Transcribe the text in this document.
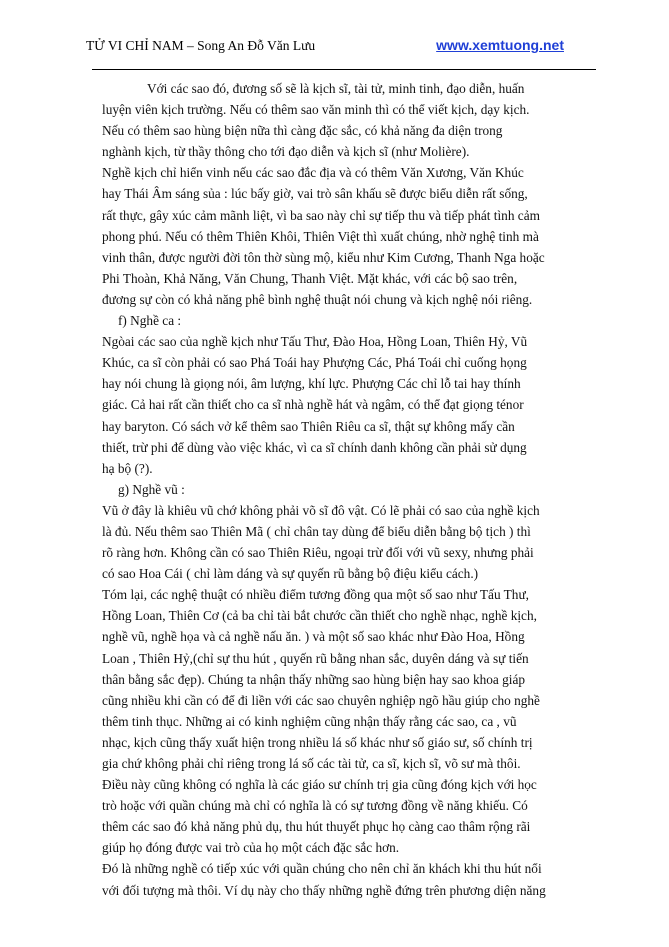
TỬ VI CHỈ NAM – Song An Đỗ Văn Lưu	www.xemtuong.net
Với các sao đó, đương số sẽ là kịch sĩ, tài tử, minh tinh, đạo diễn, huấn
luyện viên kịch trường. Nếu có thêm sao văn minh thì có thể viết kịch, dạy kịch.
Nếu có thêm sao hùng biện nữa thì càng đặc sắc, có khả năng đa diện trong
nghành kịch, từ thầy thông cho tới đạo diễn và kịch sĩ (như Molière).
Nghề kịch chỉ hiển vinh nếu các sao đắc địa và có thêm Văn Xương, Văn Khúc
hay Thái Âm sáng sủa : lúc bấy giờ, vai trò sân khấu sẽ được biểu diễn rất sống,
rất thực, gây xúc cảm mãnh liệt, vì ba sao này chỉ sự tiếp thu và tiếp phát tình cảm
phong phú. Nếu có thêm Thiên Khôi, Thiên Việt thì xuất chúng, nhờ nghệ tinh mà
vinh thân, được người đời tôn thờ sùng mộ, kiểu như Kim Cương, Thanh Nga hoặc
Phi Thoàn, Khả Năng, Văn Chung, Thanh Việt. Mặt khác, với các bộ sao trên,
đương sự còn có khả năng phê bình nghệ thuật nói chung và kịch nghệ nói riêng.
f) Nghề ca :
Ngòai các sao của nghề kịch như Tấu Thư, Đào Hoa, Hồng Loan, Thiên Hỷ, Vũ
Khúc, ca sĩ còn phải có sao Phá Toái hay Phượng Các, Phá Toái chỉ cuống họng
hay nói chung là giọng nói, âm lượng, khí lực. Phượng Các chỉ lỗ tai hay thính
giác. Cả hai rất cần thiết cho ca sĩ nhà nghề hát và ngâm, có thể đạt giọng ténor
hay baryton. Có sách vở kể thêm sao Thiên Riêu ca sĩ, thật sự không mấy cần
thiết, trừ phi để dùng vào việc khác, vì ca sĩ chính danh không cần phải sử dụng
hạ bộ (?).
g) Nghề vũ :
Vũ ở đây là khiêu vũ chớ không phải võ sĩ đô vật. Có lẽ phải có sao của nghề kịch
là đủ. Nếu thêm sao Thiên Mã ( chỉ chân tay dùng để biểu diễn bằng bộ tịch ) thì
rõ ràng hơn. Không cần có sao Thiên Riêu, ngoại trừ đối với vũ sexy, nhưng phải
có sao Hoa Cái ( chỉ làm dáng và sự quyến rũ bằng bộ điệu kiểu cách.)
Tóm lại, các nghệ thuật có nhiều điểm tương đồng qua một số sao như Tấu Thư,
Hồng Loan, Thiên Cơ (cả ba chỉ tài bắt chước cần thiết cho nghề nhạc, nghề kịch,
nghề vũ, nghề họa và cả nghề nấu ăn. ) và một số sao khác như Đào Hoa, Hồng
Loan , Thiên Hỷ,(chỉ sự thu hút , quyến rũ bằng nhan sắc, duyên dáng và sự tiến
thân bằng sắc đẹp). Chúng ta nhận thấy những sao hùng biện hay sao khoa giáp
cũng nhiều khi cần có để đi liền với các sao chuyên nghiệp ngõ hầu giúp cho nghề
thêm tinh thục. Những ai có kinh nghiệm cũng nhận thấy rằng các sao, ca , vũ
nhạc, kịch cũng thấy xuất hiện trong nhiều lá số khác như số giáo sư, số chính trị
gia chứ không phải chỉ riêng trong lá số các tài tử, ca sĩ, kịch sĩ, võ sư mà thôi.
Điều này cũng không có nghĩa là các giáo sư chính trị gia cũng đóng kịch với học
trò hoặc với quần chúng mà chỉ có nghĩa là có sự tương đồng về năng khiếu. Có
thêm các sao đó khả năng phủ dụ, thu hút thuyết phục họ càng cao thâm rộng rãi
giúp họ đóng được vai trò của họ một cách đặc sắc hơn.
Đó là những nghề có tiếp xúc với quần chúng cho nên chỉ ăn khách khi thu hút nổi
với đối tượng mà thôi. Ví dụ này cho thấy những nghề đứng trên phương diện năng
